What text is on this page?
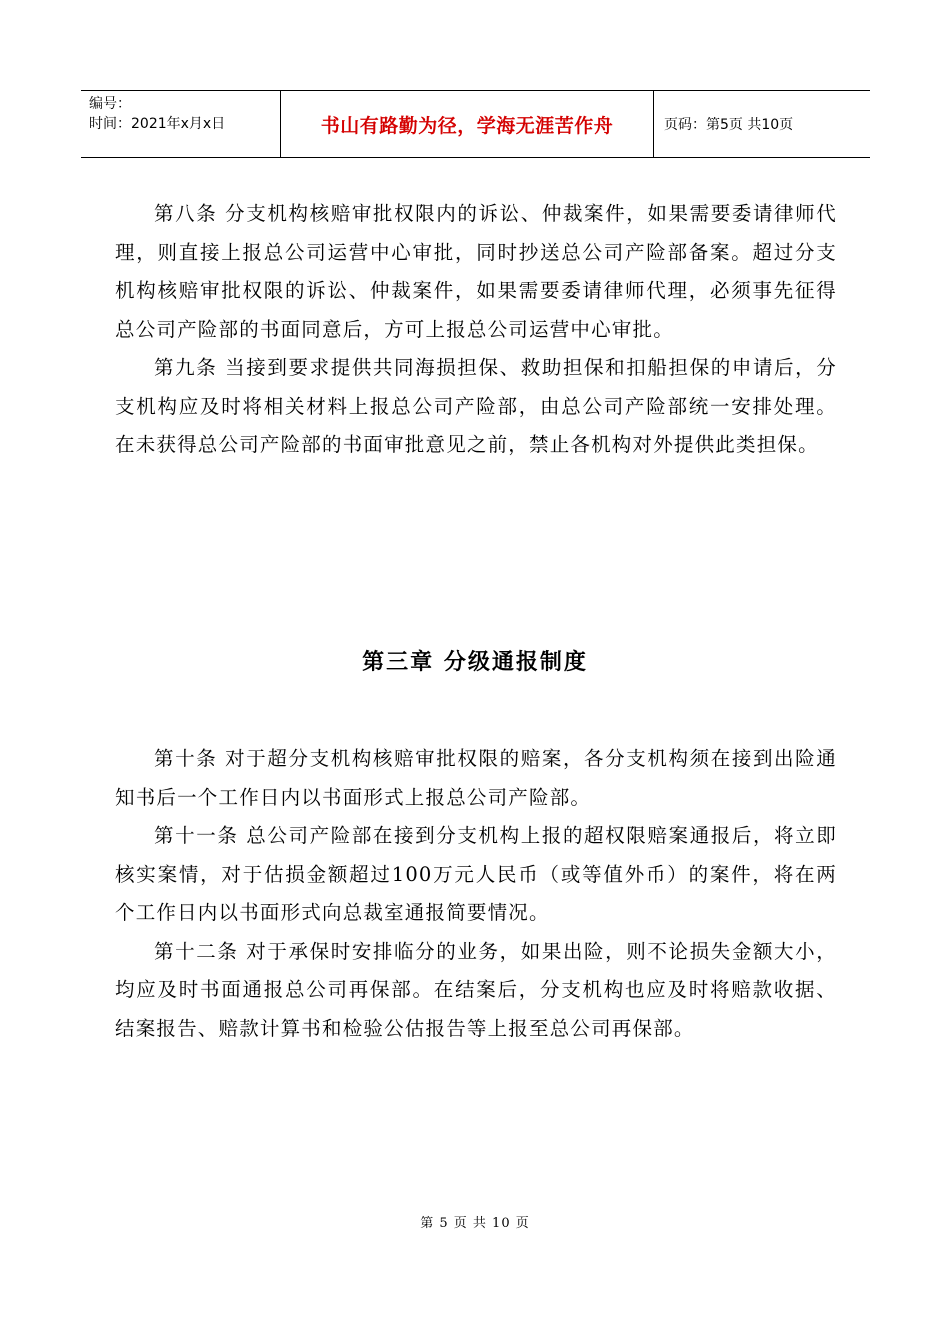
编号：
时间：2021年x月x日	书山有路勤为径，学海无涯苦作舟	页码：第5页 共10页

第八条 分支机构核赔审批权限内的诉讼、仲裁案件，如果需要委请律师代理，则直接上报总公司运营中心审批，同时抄送总公司产险部备案。超过分支机构核赔审批权限的诉讼、仲裁案件，如果需要委请律师代理，必须事先征得总公司产险部的书面同意后，方可上报总公司运营中心审批。

第九条 当接到要求提供共同海损担保、救助担保和扣船担保的申请后，分支机构应及时将相关材料上报总公司产险部，由总公司产险部统一安排处理。在未获得总公司产险部的书面审批意见之前，禁止各机构对外提供此类担保。

第三章 分级通报制度

第十条 对于超分支机构核赔审批权限的赔案，各分支机构须在接到出险通知书后一个工作日内以书面形式上报总公司产险部。

第十一条 总公司产险部在接到分支机构上报的超权限赔案通报后，将立即核实案情，对于估损金额超过100万元人民币（或等值外币）的案件，将在两个工作日内以书面形式向总裁室通报简要情况。

第十二条 对于承保时安排临分的业务，如果出险，则不论损失金额大小，均应及时书面通报总公司再保部。在结案后，分支机构也应及时将赔款收据、结案报告、赔款计算书和检验公估报告等上报至总公司再保部。

第 5 页 共 10 页
